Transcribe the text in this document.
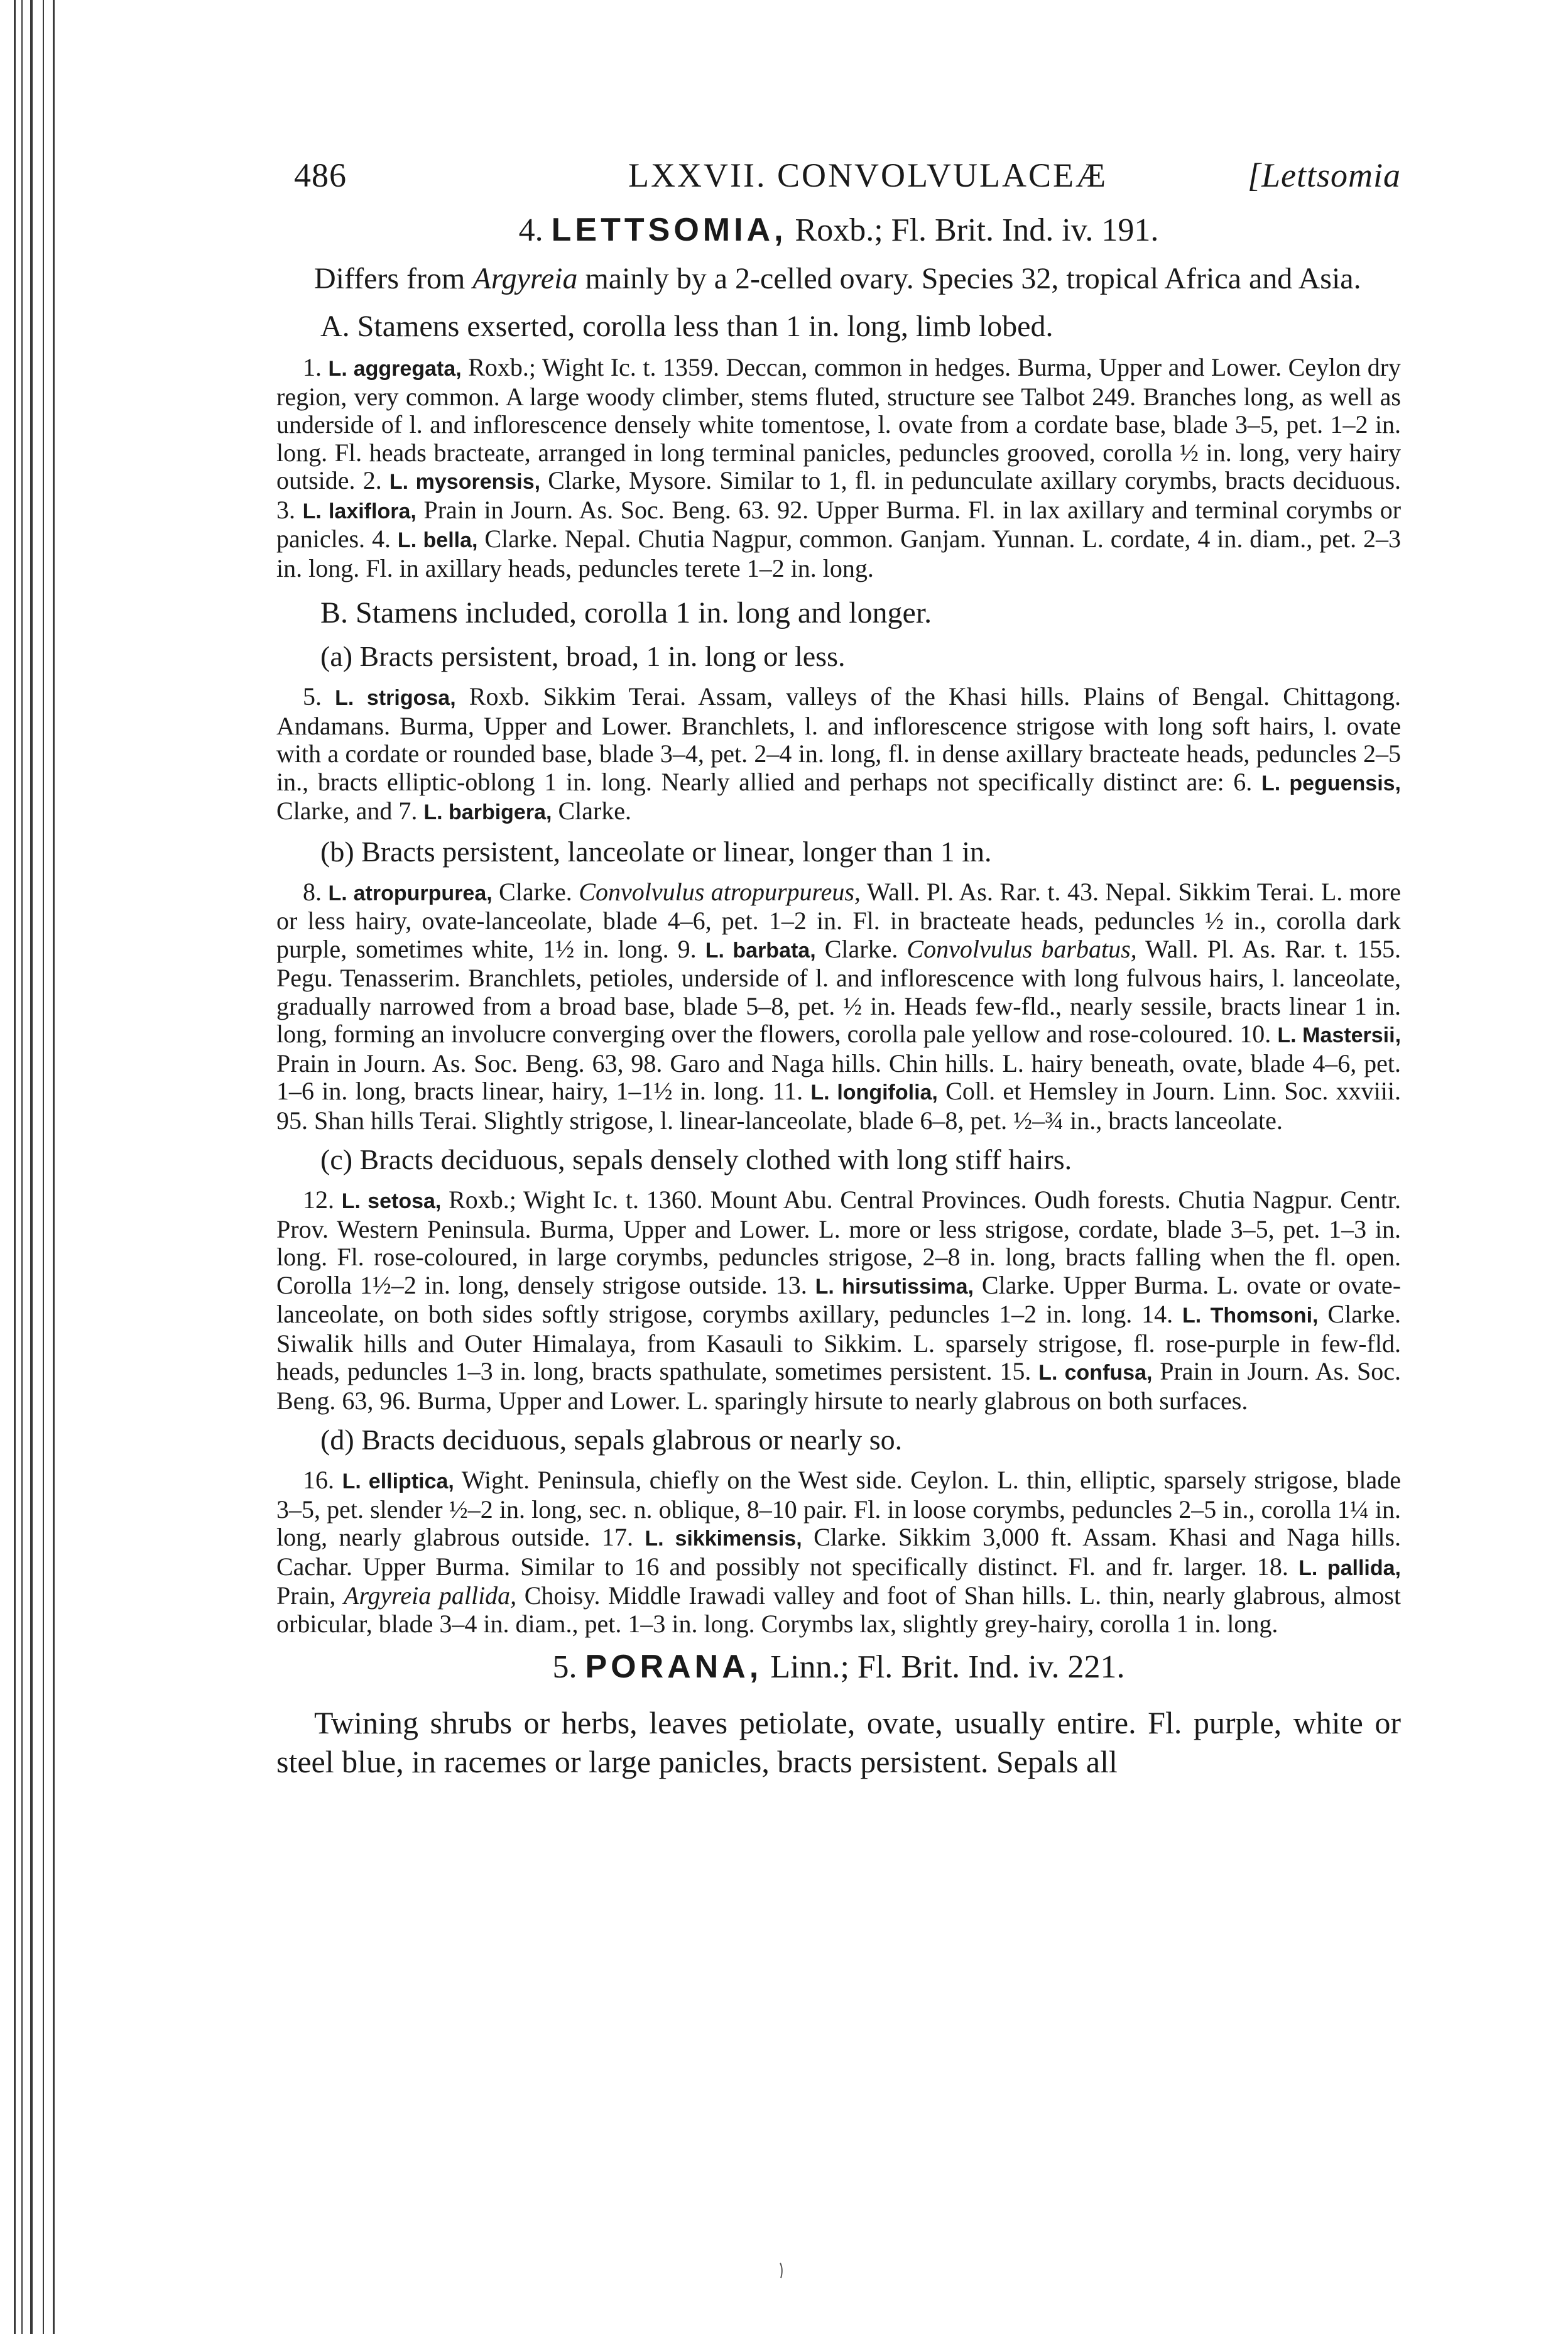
486	LXXVII. CONVOLVULACEÆ	[Lettsomia
4. LETTSOMIA, Roxb.; Fl. Brit. Ind. iv. 191.

Differs from Argyreia mainly by a 2-celled ovary. Species 32, tropical Africa and Asia.

A. Stamens exserted, corolla less than 1 in. long, limb lobed.

1. L. aggregata, Roxb.; Wight Ic. t. 1359. Deccan, common in hedges. Burma, Upper and Lower. Ceylon dry region, very common. A large woody climber, stems fluted, structure see Talbot 249. Branches long, as well as underside of l. and inflorescence densely white tomentose, l. ovate from a cordate base, blade 3–5, pet. 1–2 in. long. Fl. heads bracteate, arranged in long terminal panicles, peduncles grooved, corolla ½ in. long, very hairy outside. 2. L. mysorensis, Clarke, Mysore. Similar to 1, fl. in pedunculate axillary corymbs, bracts deciduous. 3. L. laxiflora, Prain in Journ. As. Soc. Beng. 63. 92. Upper Burma. Fl. in lax axillary and terminal corymbs or panicles. 4. L. bella, Clarke. Nepal. Chutia Nagpur, common. Ganjam. Yunnan. L. cordate, 4 in. diam., pet. 2–3 in. long. Fl. in axillary heads, peduncles terete 1–2 in. long.

B. Stamens included, corolla 1 in. long and longer.

(a) Bracts persistent, broad, 1 in. long or less.

5. L. strigosa, Roxb. Sikkim Terai. Assam, valleys of the Khasi hills. Plains of Bengal. Chittagong. Andamans. Burma, Upper and Lower. Branchlets, l. and inflorescence strigose with long soft hairs, l. ovate with a cordate or rounded base, blade 3–4, pet. 2–4 in. long, fl. in dense axillary bracteate heads, peduncles 2–5 in., bracts elliptic-oblong 1 in. long. Nearly allied and perhaps not specifically distinct are: 6. L. peguensis, Clarke, and 7. L. barbigera, Clarke.

(b) Bracts persistent, lanceolate or linear, longer than 1 in.

8. L. atropurpurea, Clarke. Convolvulus atropurpureus, Wall. Pl. As. Rar. t. 43. Nepal. Sikkim Terai. L. more or less hairy, ovate-lanceolate, blade 4–6, pet. 1–2 in. Fl. in bracteate heads, peduncles ½ in., corolla dark purple, sometimes white, 1½ in. long. 9. L. barbata, Clarke. Convolvulus barbatus, Wall. Pl. As. Rar. t. 155. Pegu. Tenasserim. Branchlets, petioles, underside of l. and inflorescence with long fulvous hairs, l. lanceolate, gradually narrowed from a broad base, blade 5–8, pet. ½ in. Heads few-fld., nearly sessile, bracts linear 1 in. long, forming an involucre converging over the flowers, corolla pale yellow and rose-coloured. 10. L. Mastersii, Prain in Journ. As. Soc. Beng. 63, 98. Garo and Naga hills. Chin hills. L. hairy beneath, ovate, blade 4–6, pet. 1–6 in. long, bracts linear, hairy, 1–1½ in. long. 11. L. longifolia, Coll. et Hemsley in Journ. Linn. Soc. xxviii. 95. Shan hills Terai. Slightly strigose, l. linear-lanceolate, blade 6–8, pet. ½–¾ in., bracts lanceolate.

(c) Bracts deciduous, sepals densely clothed with long stiff hairs.

12. L. setosa, Roxb.; Wight Ic. t. 1360. Mount Abu. Central Provinces. Oudh forests. Chutia Nagpur. Centr. Prov. Western Peninsula. Burma, Upper and Lower. L. more or less strigose, cordate, blade 3–5, pet. 1–3 in. long. Fl. rose-coloured, in large corymbs, peduncles strigose, 2–8 in. long, bracts falling when the fl. open. Corolla 1½–2 in. long, densely strigose outside. 13. L. hirsutissima, Clarke. Upper Burma. L. ovate or ovate-lanceolate, on both sides softly strigose, corymbs axillary, peduncles 1–2 in. long. 14. L. Thomsoni, Clarke. Siwalik hills and Outer Himalaya, from Kasauli to Sikkim. L. sparsely strigose, fl. rose-purple in few-fld. heads, peduncles 1–3 in. long, bracts spathulate, sometimes persistent. 15. L. confusa, Prain in Journ. As. Soc. Beng. 63, 96. Burma, Upper and Lower. L. sparingly hirsute to nearly glabrous on both surfaces.

(d) Bracts deciduous, sepals glabrous or nearly so.

16. L. elliptica, Wight. Peninsula, chiefly on the West side. Ceylon. L. thin, elliptic, sparsely strigose, blade 3–5, pet. slender ½–2 in. long, sec. n. oblique, 8–10 pair. Fl. in loose corymbs, peduncles 2–5 in., corolla 1¼ in. long, nearly glabrous outside. 17. L. sikkimensis, Clarke. Sikkim 3,000 ft. Assam. Khasi and Naga hills. Cachar. Upper Burma. Similar to 16 and possibly not specifically distinct. Fl. and fr. larger. 18. L. pallida, Prain, Argyreia pallida, Choisy. Middle Irawadi valley and foot of Shan hills. L. thin, nearly glabrous, almost orbicular, blade 3–4 in. diam., pet. 1–3 in. long. Corymbs lax, slightly grey-hairy, corolla 1 in. long.

5. PORANA, Linn.; Fl. Brit. Ind. iv. 221.

Twining shrubs or herbs, leaves petiolate, ovate, usually entire. Fl. purple, white or steel blue, in racemes or large panicles, bracts persistent. Sepals all
